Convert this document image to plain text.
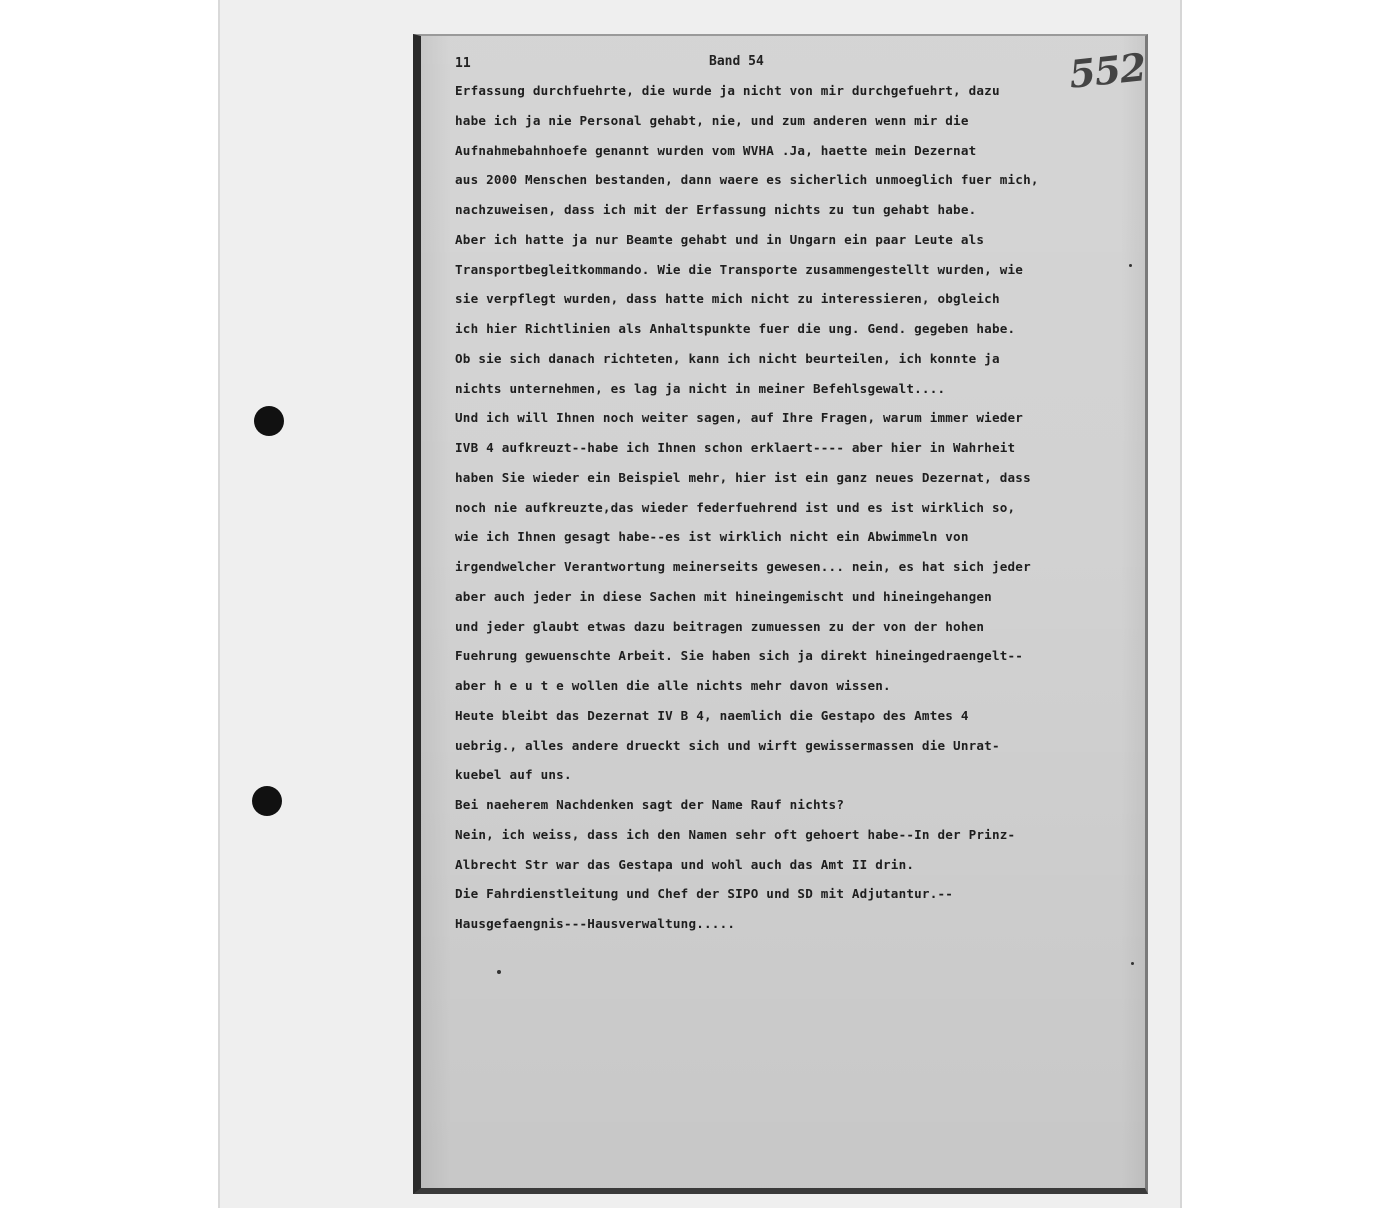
11	Band 54	552
Erfassung durchfuehrte, die wurde ja nicht von mir durchgefuehrt, dazu
habe ich ja nie Personal gehabt, nie, und zum anderen wenn mir die
Aufnahmebahnhoefe genannt wurden vom WVHA .Ja, haette mein Dezernat
aus 2000 Menschen bestanden, dann waere es sicherlich unmoeglich fuer mich,
nachzuweisen, dass ich mit der Erfassung nichts zu tun gehabt habe.
Aber ich hatte ja nur Beamte gehabt und in Ungarn ein paar Leute als
Transportbegleitkommando. Wie die Transporte zusammengestellt wurden, wie
sie verpflegt wurden, dass hatte mich nicht zu interessieren, obgleich
ich hier Richtlinien als Anhaltspunkte fuer die ung. Gend. gegeben habe.
Ob sie sich danach richteten, kann ich nicht beurteilen, ich konnte ja
nichts unternehmen, es lag ja nicht in meiner Befehlsgewalt....
Und ich will Ihnen noch weiter sagen, auf Ihre Fragen, warum immer wieder
IVB 4 aufkreuzt--habe ich Ihnen schon erklaert---- aber hier in Wahrheit
haben Sie wieder ein Beispiel mehr, hier ist ein ganz neues Dezernat, dass
noch nie aufkreuzte,das wieder federfuehrend ist und es ist wirklich so,
wie ich Ihnen gesagt habe--es ist wirklich nicht ein Abwimmeln von
irgendwelcher Verantwortung meinerseits gewesen... nein, es hat sich jeder
aber auch jeder in diese Sachen mit hineingemischt und hineingehangen
und jeder glaubt etwas dazu beitragen zumuessen zu der von der hohen
Fuehrung gewuenschte Arbeit. Sie haben sich ja direkt hineingedraengelt--
aber h e u t e wollen die alle nichts mehr davon wissen.
Heute bleibt das Dezernat IV B 4, naemlich die Gestapo des Amtes 4
uebrig., alles andere drueckt sich und wirft gewissermassen die Unrat-
kuebel auf uns.
Bei naeherem Nachdenken sagt der Name Rauf nichts?
Nein, ich weiss, dass ich den Namen sehr oft gehoert habe--In der Prinz-
Albrecht Str war das Gestapa und wohl auch das Amt II drin.
Die Fahrdienstleitung und Chef der SIPO und SD mit Adjutantur.--
Hausgefaengnis---Hausverwaltung.....
